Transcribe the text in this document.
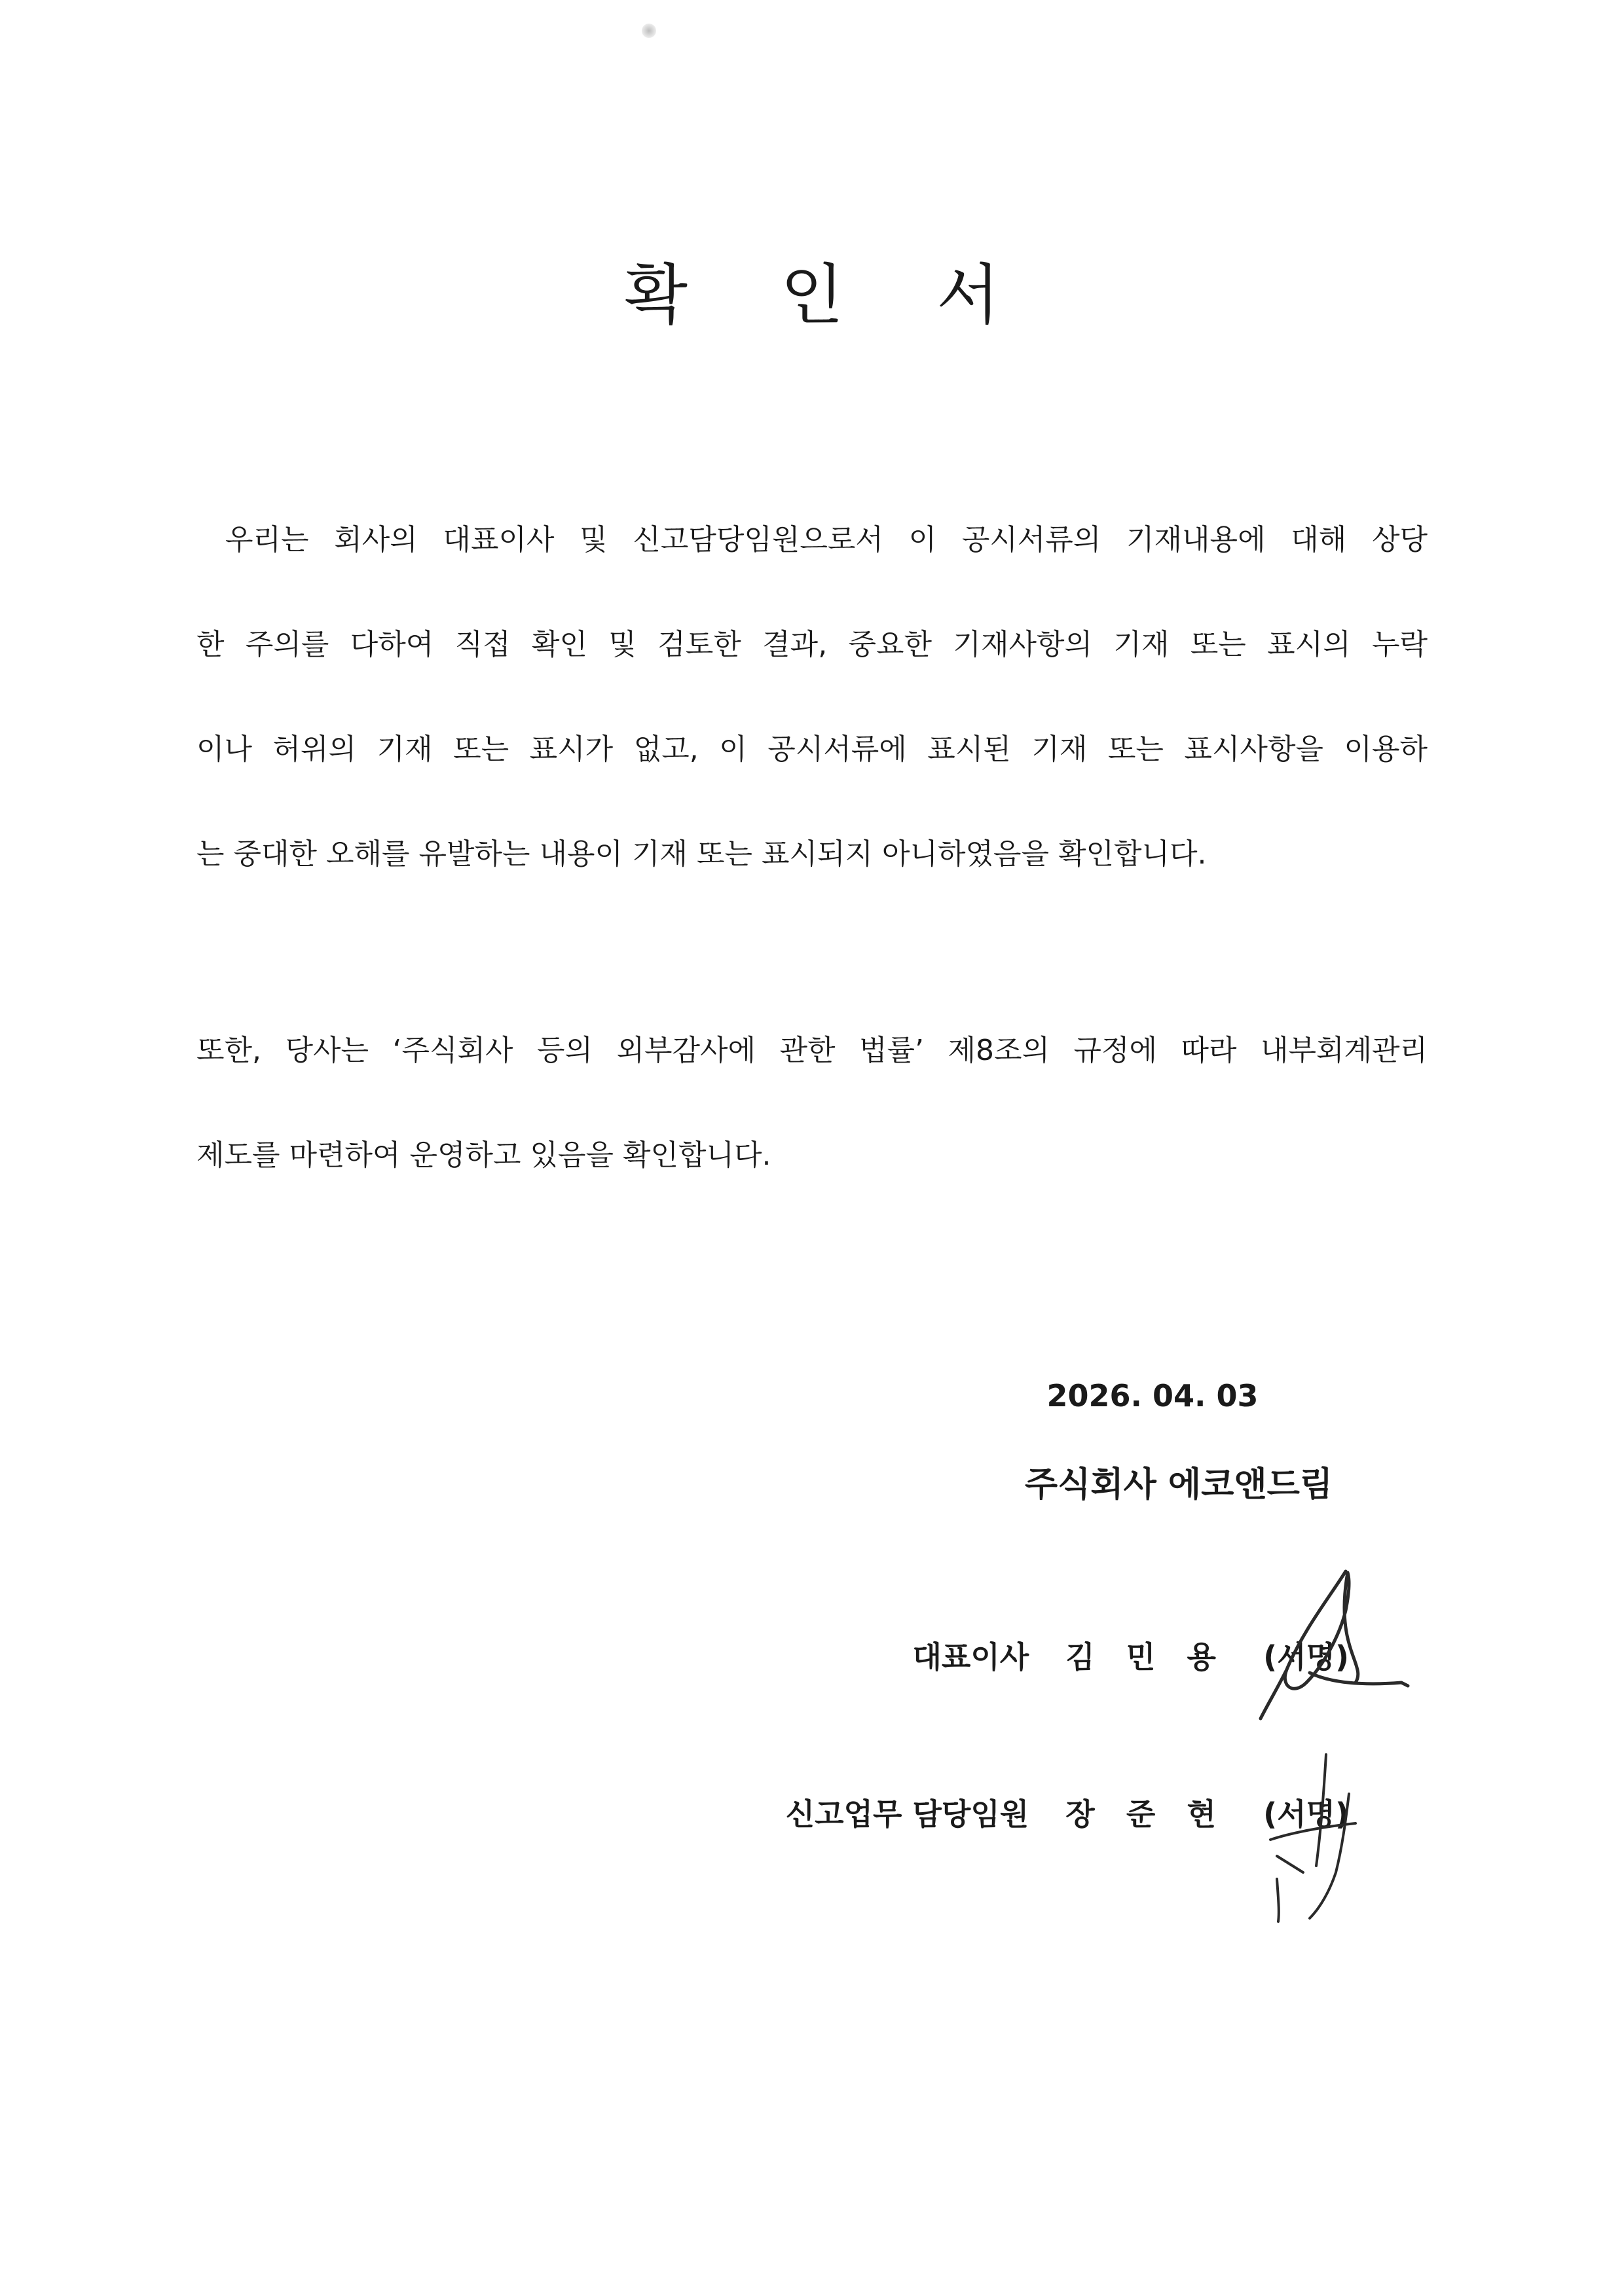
확 인 서

우리는 회사의 대표이사 및 신고담당임원으로서 이 공시서류의 기재내용에 대해 상당
한 주의를 다하여 직접 확인 및 검토한 결과, 중요한 기재사항의 기재 또는 표시의 누락
이나 허위의 기재 또는 표시가 없고, 이 공시서류에 표시된 기재 또는 표시사항을 이용하
는 중대한 오해를 유발하는 내용이 기재 또는 표시되지 아니하였음을 확인합니다.

또한, 당사는 ‘주식회사 등의 외부감사에 관한 법률’ 제8조의 규정에 따라 내부회계관리
제도를 마련하여 운영하고 있음을 확인합니다.

2026. 04. 03
주식회사 에코앤드림
대표이사 김 민 용 (서명)
신고업무 담당임원 장 준 현 (서명)
